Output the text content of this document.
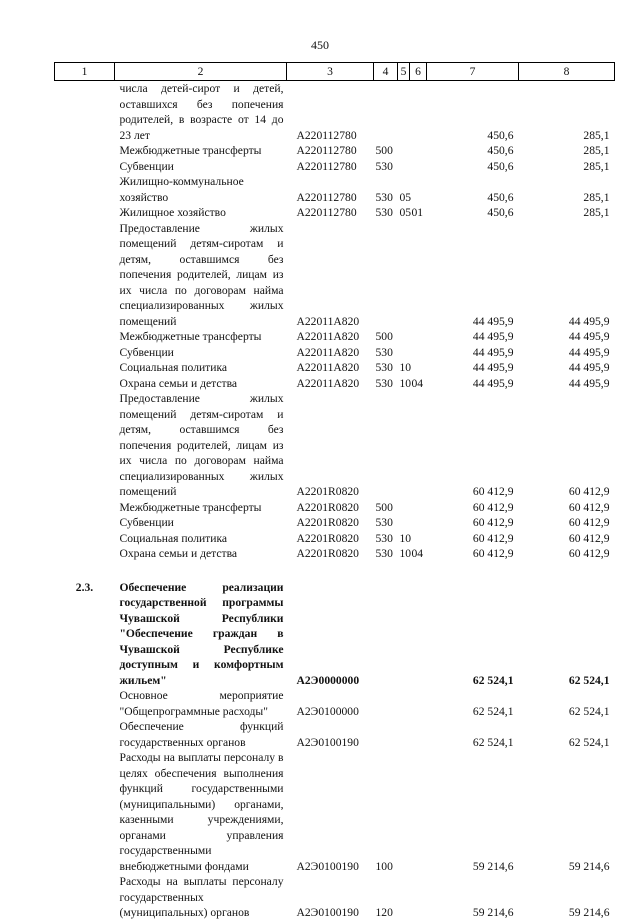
450
1	2	3	4	5	6	7	8
	числа детей-сирот и детей, оставшихся без попечения родителей, в возрасте от 14 до 23 лет	А220112780				450,6	285,1
	Межбюджетные трансферты	А220112780	500			450,6	285,1
	Субвенции	А220112780	530			450,6	285,1
	Жилищно-коммунальное хозяйство	А220112780	530	05		450,6	285,1
	Жилищное хозяйство	А220112780	530	05	01	450,6	285,1
	Предоставление жилых помещений детям-сиротам и детям, оставшимся без попечения родителей, лицам из их числа по договорам найма специализированных жилых помещений	А22011А820				44 495,9	44 495,9
	Межбюджетные трансферты	А22011А820	500			44 495,9	44 495,9
	Субвенции	А22011А820	530			44 495,9	44 495,9
	Социальная политика	А22011А820	530	10		44 495,9	44 495,9
	Охрана семьи и детства	А22011А820	530	10	04	44 495,9	44 495,9
	Предоставление жилых помещений детям-сиротам и детям, оставшимся без попечения родителей, лицам из их числа по договорам найма специализированных жилых помещений	А2201R0820				60 412,9	60 412,9
	Межбюджетные трансферты	А2201R0820	500			60 412,9	60 412,9
	Субвенции	А2201R0820	530			60 412,9	60 412,9
	Социальная политика	А2201R0820	530	10		60 412,9	60 412,9
	Охрана семьи и детства	А2201R0820	530	10	04	60 412,9	60 412,9

2.3.	Обеспечение реализации государственной программы Чувашской Республики "Обеспечение граждан в Чувашской Республике доступным и комфортным жильем"	А2Э0000000				62 524,1	62 524,1
	Основное мероприятие "Общепрограммные расходы"	А2Э0100000				62 524,1	62 524,1
	Обеспечение функций государственных органов	А2Э0100190				62 524,1	62 524,1
	Расходы на выплаты персоналу в целях обеспечения выполнения функций государственными (муниципальными) органами, казенными учреждениями, органами управления государственными внебюджетными фондами	А2Э0100190	100			59 214,6	59 214,6
	Расходы на выплаты персоналу государственных (муниципальных) органов	А2Э0100190	120			59 214,6	59 214,6
